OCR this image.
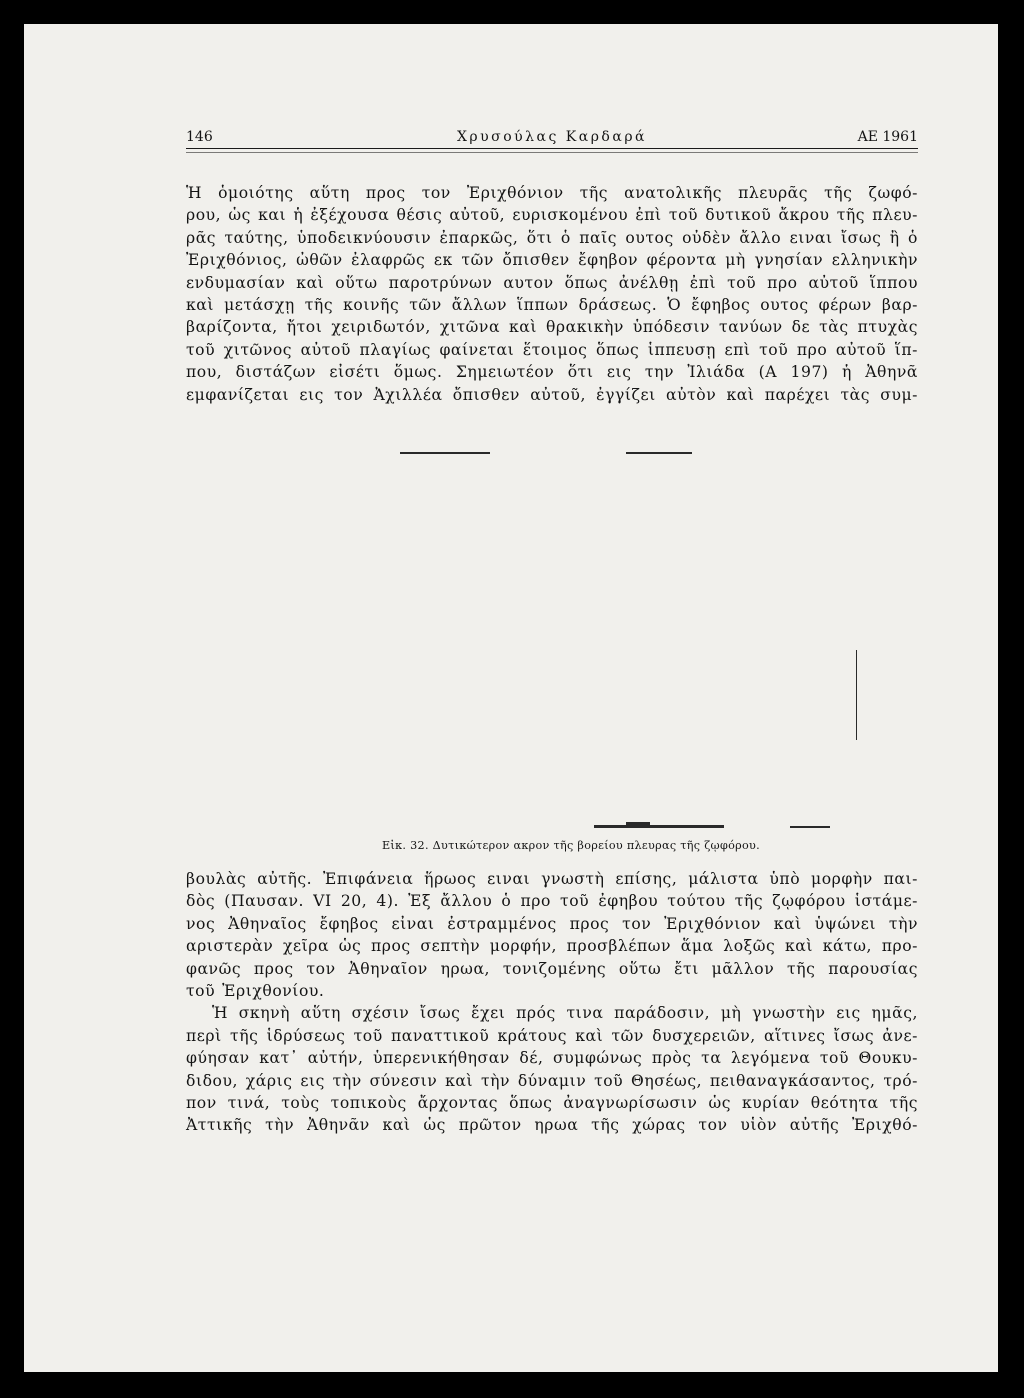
146	Χρυσούλας Καρδαρά	ΑΕ 1961
Ἡ ὁμοιότης αὕτη προς τον Ἐριχθόνιον τῆς ανατολικῆς πλευρᾶς τῆς ζωφό-
ρου, ὡς και ἡ ἐξέχουσα θέσις αὐτοῦ, ευρισκομένου ἐπὶ τοῦ δυτικοῦ ἄκρου τῆς πλευ-
ρᾶς ταύτης, ὑποδεικνύουσιν ἐπαρκῶς, ὅτι ὁ παῖς ουτος οὐδὲν ἄλλο ειναι ἴσως ἢ ὁ
Ἐριχθόνιος, ὠθῶν ἐλαφρῶς εκ τῶν ὄπισθεν ἔφηβον φέροντα μὴ γνησίαν ελληνικὴν
ενδυμασίαν καὶ οὕτω παροτρύνων αυτον ὅπως ἀνέλθῃ ἐπὶ τοῦ προ αὐτοῦ ἵππου
καὶ μετάσχῃ τῆς κοινῆς τῶν ἄλλων ἵππων δράσεως. Ὁ ἔφηβος ουτος φέρων βαρ-
βαρίζοντα, ἤτοι χειριδωτόν, χιτῶνα καὶ θρακικὴν ὑπόδεσιν τανύων δε τὰς πτυχὰς
τοῦ χιτῶνος αὐτοῦ πλαγίως φαίνεται ἕτοιμος ὅπως ἱππευσῃ επὶ τοῦ προ αὐτοῦ ἵπ-
που, διστάζων εἰσέτι ὅμως. Σημειωτέον ὅτι εις την Ἰλιάδα (Α 197) ἡ Ἀθηνᾶ
εμφανίζεται εις τον Ἀχιλλέα ὄπισθεν αὐτοῦ, ἐγγίζει αὐτὸν καὶ παρέχει τὰς συμ-
Εἰκ. 32. Δυτικώτερον ακρον τῆς βορείου πλευρας τῆς ζῳφόρου.
βουλὰς αὐτῆς. Ἐπιφάνεια ἥρωος ειναι γνωστὴ επίσης, μάλιστα ὑπὸ μορφὴν παι-
δὸς (Παυσαν. VI 20, 4). Ἐξ ἄλλου ὁ προ τοῦ ἐφηβου τούτου τῆς ζῳφόρου ἱστάμε-
νος Ἀθηναῖος ἔφηβος εἰναι ἐστραμμένος προς τον Ἐριχθόνιον καὶ ὑψώνει τὴν
αριστερὰν χεῖρα ὡς προς σεπτὴν μορφήν, προσβλέπων ἅμα λοξῶς καὶ κάτω, προ-
φανῶς προς τον Ἀθηναῖον ηρωα, τονιζομένης οὕτω ἔτι μᾶλλον τῆς παρουσίας
τοῦ Ἐριχθονίου.
Ἡ σκηνὴ αὕτη σχέσιν ἴσως ἔχει πρός τινα παράδοσιν, μὴ γνωστὴν εις ημᾶς,
περὶ τῆς ἱδρύσεως τοῦ παναττικοῦ κράτους καὶ τῶν δυσχερειῶν, αἵτινες ἴσως ἀνε-
φύησαν κατ᾽ αὐτήν, ὑπερενικήθησαν δέ, συμφώνως πρὸς τα λεγόμενα τοῦ Θουκυ-
διδου, χάρις εις τὴν σύνεσιν καὶ τὴν δύναμιν τοῦ Θησέως, πειθαναγκάσαντος, τρό-
πον τινά, τοὺς τοπικοὺς ἄρχοντας ὅπως ἀναγνωρίσωσιν ὡς κυρίαν θεότητα τῆς
Ἀττικῆς τὴν Ἀθηνᾶν καὶ ὡς πρῶτον ηρωα τῆς χώρας τον υἱὸν αὐτῆς Ἐριχθό-
